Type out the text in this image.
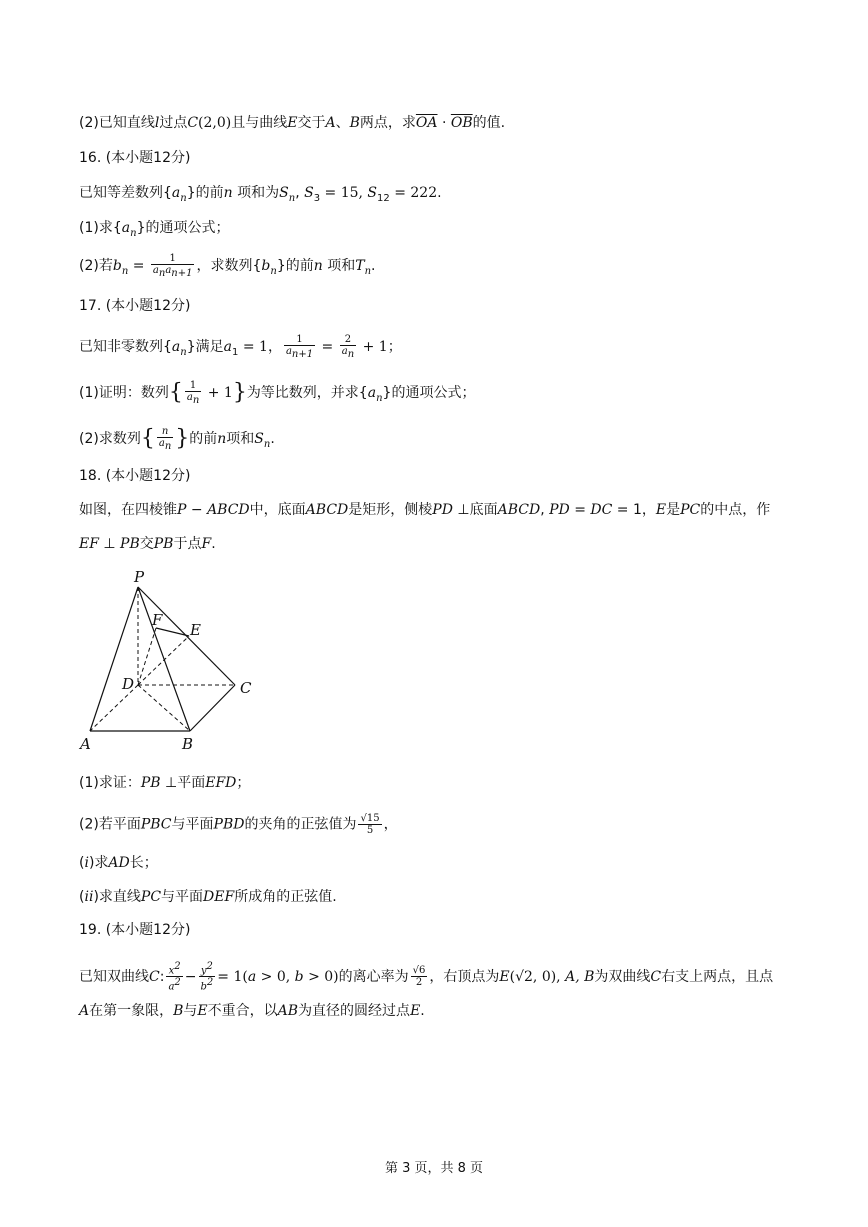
(2)已知直线l过点C(2,0)且与曲线E交于A、B两点，求$\overline{OA} \cdot \overline{OB}$的值.
16. (本小题12分)
已知等差数列$\{a_n\}$的前n 项和为$S_n$, $S_3 = 15$, $S_{12} = 222$.
(1)求$\{a_n\}$的通项公式；
(2)若$b_n = \frac{1}{a_na_{n+1}}$ ，求数列$\{b_n\}$的前n 项和$T_n$.
17. (本小题12分)
已知非零数列$\{a_n\}$满足$a_1 = 1$， $\frac{1}{a_{n+1}} = \frac{2}{a_n} + 1$；
(1)证明：数列{ $\frac{1}{a_n} + 1$}为等比数列，并求$\{a_n\}$的通项公式；
(2)求数列{ $\frac{n}{a_n}$ }的前n项和$S_n$.
18. (本小题12分)
如图，在四棱锥P − ABCD中，底面ABCD是矩形，侧棱PD ⊥底面ABCD, PD = DC = 1，E是PC的中点，作
EF ⊥ PB交PB于点F.
P
F
E
D	C
A	B
(1)求证：PB ⊥平面EFD；
(2)若平面PBC与平面PBD的夹角的正弦值为 $\frac{√15}{5}$ ，
(i)求AD长；
(ii)求直线PC与平面DEF所成角的正弦值.
19. (本小题12分)
已知双曲线C: $\frac{x^2}{a^2} - \frac{y^2}{b^2} = 1(a > 0$, b > 0)的离心率为 $\frac{√6}{2}$ ，右顶点为E(√2, 0), A, B为双曲线C右支上两点，且点
A在第一象限，B与E不重合，以AB为直径的圆经过点E.
第 3 页，共 8 页
